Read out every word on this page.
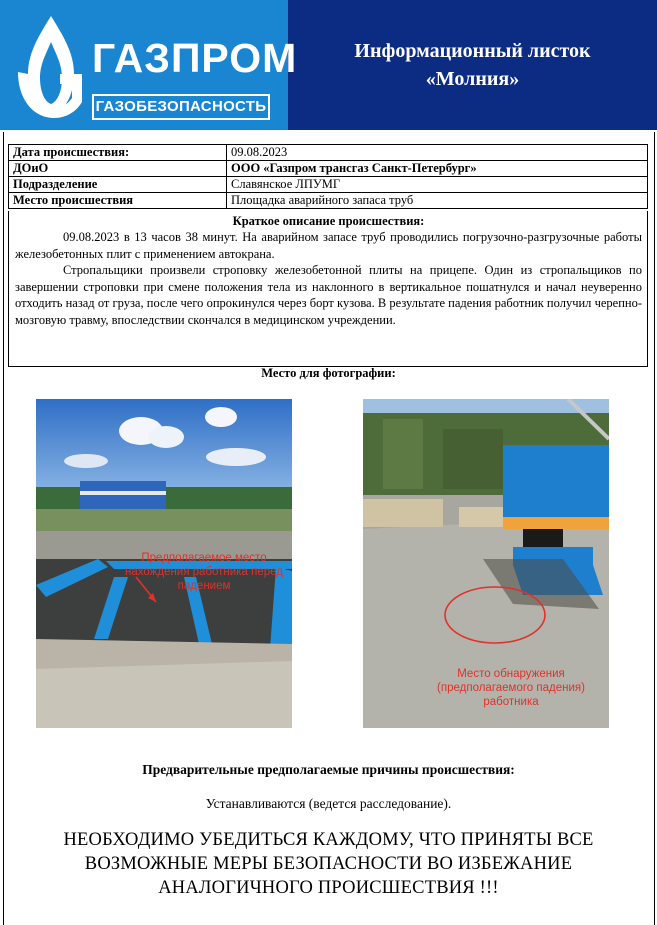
ГАЗПРОМ
ГАЗОБЕЗОПАСНОСТЬ
Информационный листок
«Молния»
Дата происшествия:	09.08.2023
ДОиО	ООО «Газпром трансгаз Санкт-Петербург»
Подразделение	Славянское ЛПУМГ
Место происшествия	Площадка аварийного запаса труб
Краткое описание происшествия:

09.08.2023 в 13 часов 38 минут. На аварийном запасе труб проводились погрузочно-разгрузочные работы железобетонных плит с применением автокрана.

Стропальщики произвели строповку железобетонной плиты на прицепе. Один из стропальщиков по завершении строповки при смене положения тела из наклонного в вертикальное пошатнулся и начал неуверенно отходить назад от груза, после чего опрокинулся через борт кузова. В результате падения работник получил черепно-мозговую травму, впоследствии скончался в медицинском учреждении.

Место для фотографии:
Предполагаемое место нахождения работника перед падением
Место обнаружения (предполагаемого падения) работника
Предварительные предполагаемые причины происшествия:
Устанавливаются (ведется расследование).
НЕОБХОДИМО УБЕДИТЬСЯ КАЖДОМУ, ЧТО ПРИНЯТЫ ВСЕ ВОЗМОЖНЫЕ МЕРЫ БЕЗОПАСНОСТИ ВО ИЗБЕЖАНИЕ АНАЛОГИЧНОГО ПРОИСШЕСТВИЯ !!!
